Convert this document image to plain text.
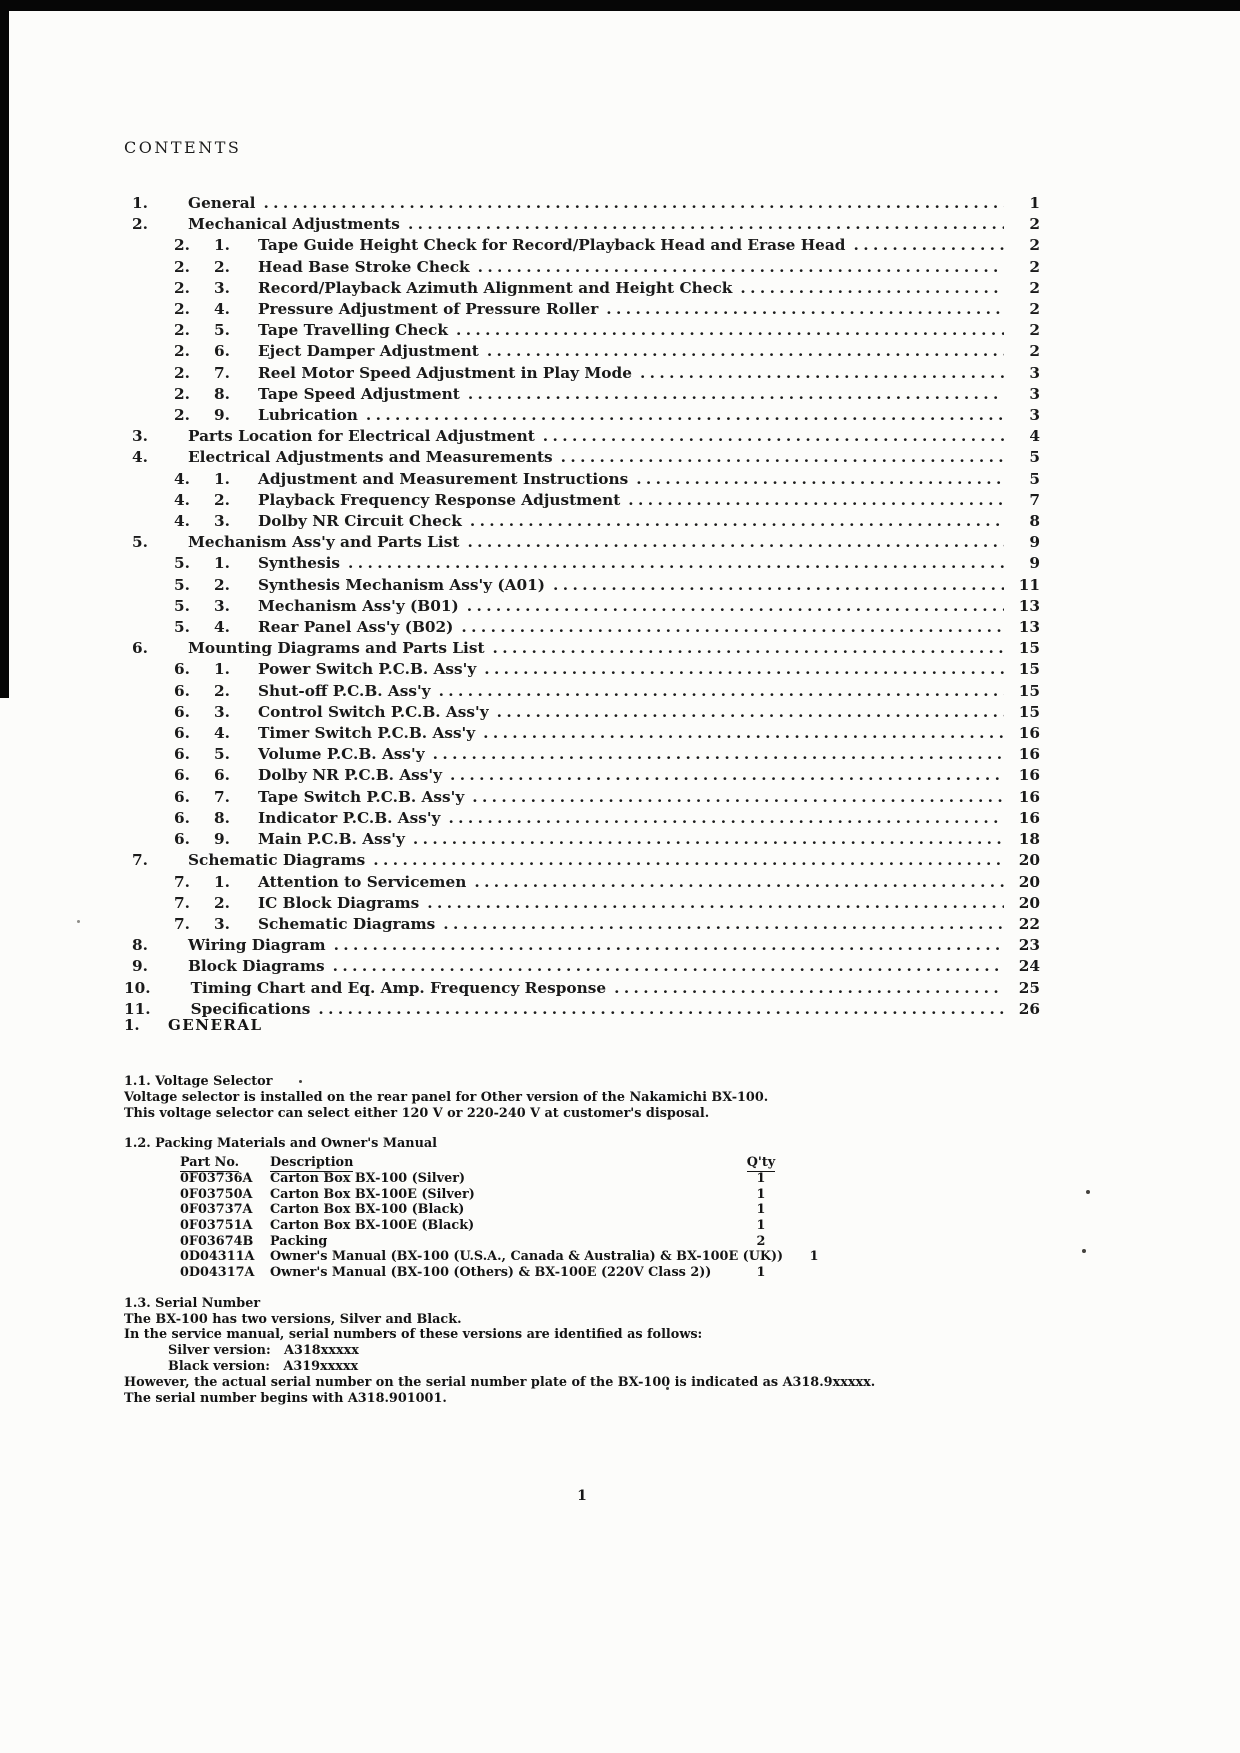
CONTENTS
1.	General .....	1
2.	Mechanical Adjustments .....	2
2.	1. Tape Guide Height Check for Record/Playback Head and Erase Head .....	2
2.	2. Head Base Stroke Check .....	2
2.	3. Record/Playback Azimuth Alignment and Height Check .....	2
2.	4. Pressure Adjustment of Pressure Roller .....	2
2.	5. Tape Travelling Check .....	2
2.	6. Eject Damper Adjustment .....	2
2.	7. Reel Motor Speed Adjustment in Play Mode .....	3
2.	8. Tape Speed Adjustment .....	3
2.	9. Lubrication .....	3
3.	Parts Location for Electrical Adjustment .....	4
4.	Electrical Adjustments and Measurements .....	5
4.	1. Adjustment and Measurement Instructions .....	5
4.	2. Playback Frequency Response Adjustment .....	7
4.	3. Dolby NR Circuit Check .....	8
5.	Mechanism Ass'y and Parts List .....	9
5.	1. Synthesis .....	9
5.	2. Synthesis Mechanism Ass'y (A01) .....	11
5.	3. Mechanism Ass'y (B01) .....	13
5.	4. Rear Panel Ass'y (B02) .....	13
6.	Mounting Diagrams and Parts List .....	15
6.	1. Power Switch P.C.B. Ass'y .....	15
6.	2. Shut-off P.C.B. Ass'y .....	15
6.	3. Control Switch P.C.B. Ass'y .....	15
6.	4. Timer Switch P.C.B. Ass'y .....	16
6.	5. Volume P.C.B. Ass'y .....	16
6.	6. Dolby NR P.C.B. Ass'y .....	16
6.	7. Tape Switch P.C.B. Ass'y .....	16
6.	8. Indicator P.C.B. Ass'y .....	16
6.	9. Main P.C.B. Ass'y .....	18
7.	Schematic Diagrams .....	20
7.	1. Attention to Servicemen .....	20
7.	2. IC Block Diagrams .....	20
7.	3. Schematic Diagrams .....	22
8.	Wiring Diagram .....	23
9.	Block Diagrams .....	24
10.	Timing Chart and Eq. Amp. Frequency Response .....	25
11.	Specifications .....	26
1.	GENERAL
1.1. Voltage Selector
Voltage selector is installed on the rear panel for Other version of the Nakamichi BX-100.
This voltage selector can select either 120 V or 220-240 V at customer's disposal.
1.2. Packing Materials and Owner's Manual
Part No.	Description	Q'ty
0F03736A	Carton Box BX-100 (Silver)	1
0F03750A	Carton Box BX-100E (Silver)	1
0F03737A	Carton Box BX-100 (Black)	1
0F03751A	Carton Box BX-100E (Black)	1
0F03674B	Packing	2
0D04311A	Owner's Manual (BX-100 (U.S.A., Canada & Australia) & BX-100E (UK))	1
0D04317A	Owner's Manual (BX-100 (Others) & BX-100E (220V Class 2))	1
1.3. Serial Number
The BX-100 has two versions, Silver and Black.
In the service manual, serial numbers of these versions are identified as follows:
Silver version:   A318xxxxx
Black version:   A319xxxxx
However, the actual serial number on the serial number plate of the BX-100 is indicated as A318.9xxxxx.
The serial number begins with A318.901001.
1
